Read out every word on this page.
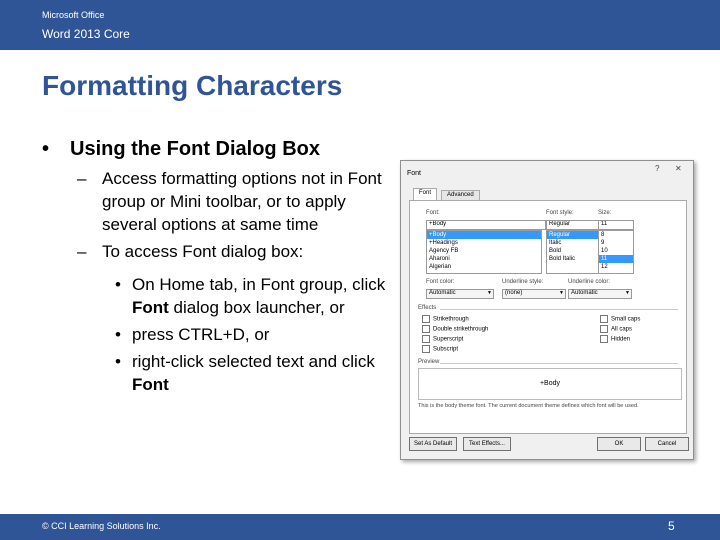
Microsoft Office
Word 2013 Core
Formatting Characters
• Using the Font Dialog Box
– Access formatting options not in Font group or Mini toolbar, or to apply several options at same time
– To access Font dialog box:
• On Home tab, in Font group, click Font dialog box launcher, or
• press CTRL+D, or
• right-click selected text and click Font
Font
? ✕
Font	Advanced
Font:
+Body
+Body
+Headings
Agency FB
Aharoni
Algerian
Font style:
Regular
Regular
Italic
Bold
Bold Italic
Size:
11
8
9
10
11
12
Font color:
Automatic	▼
Underline style:
(none)	▼
Underline color:
Automatic	▼
Effects
Strikethrough
Double strikethrough
Superscript
Subscript
Small caps
All caps
Hidden
Preview
+Body
This is the body theme font. The current document theme defines which font will be used.
Set As Default	Text Effects...	OK	Cancel
© CCI Learning Solutions Inc.	5
